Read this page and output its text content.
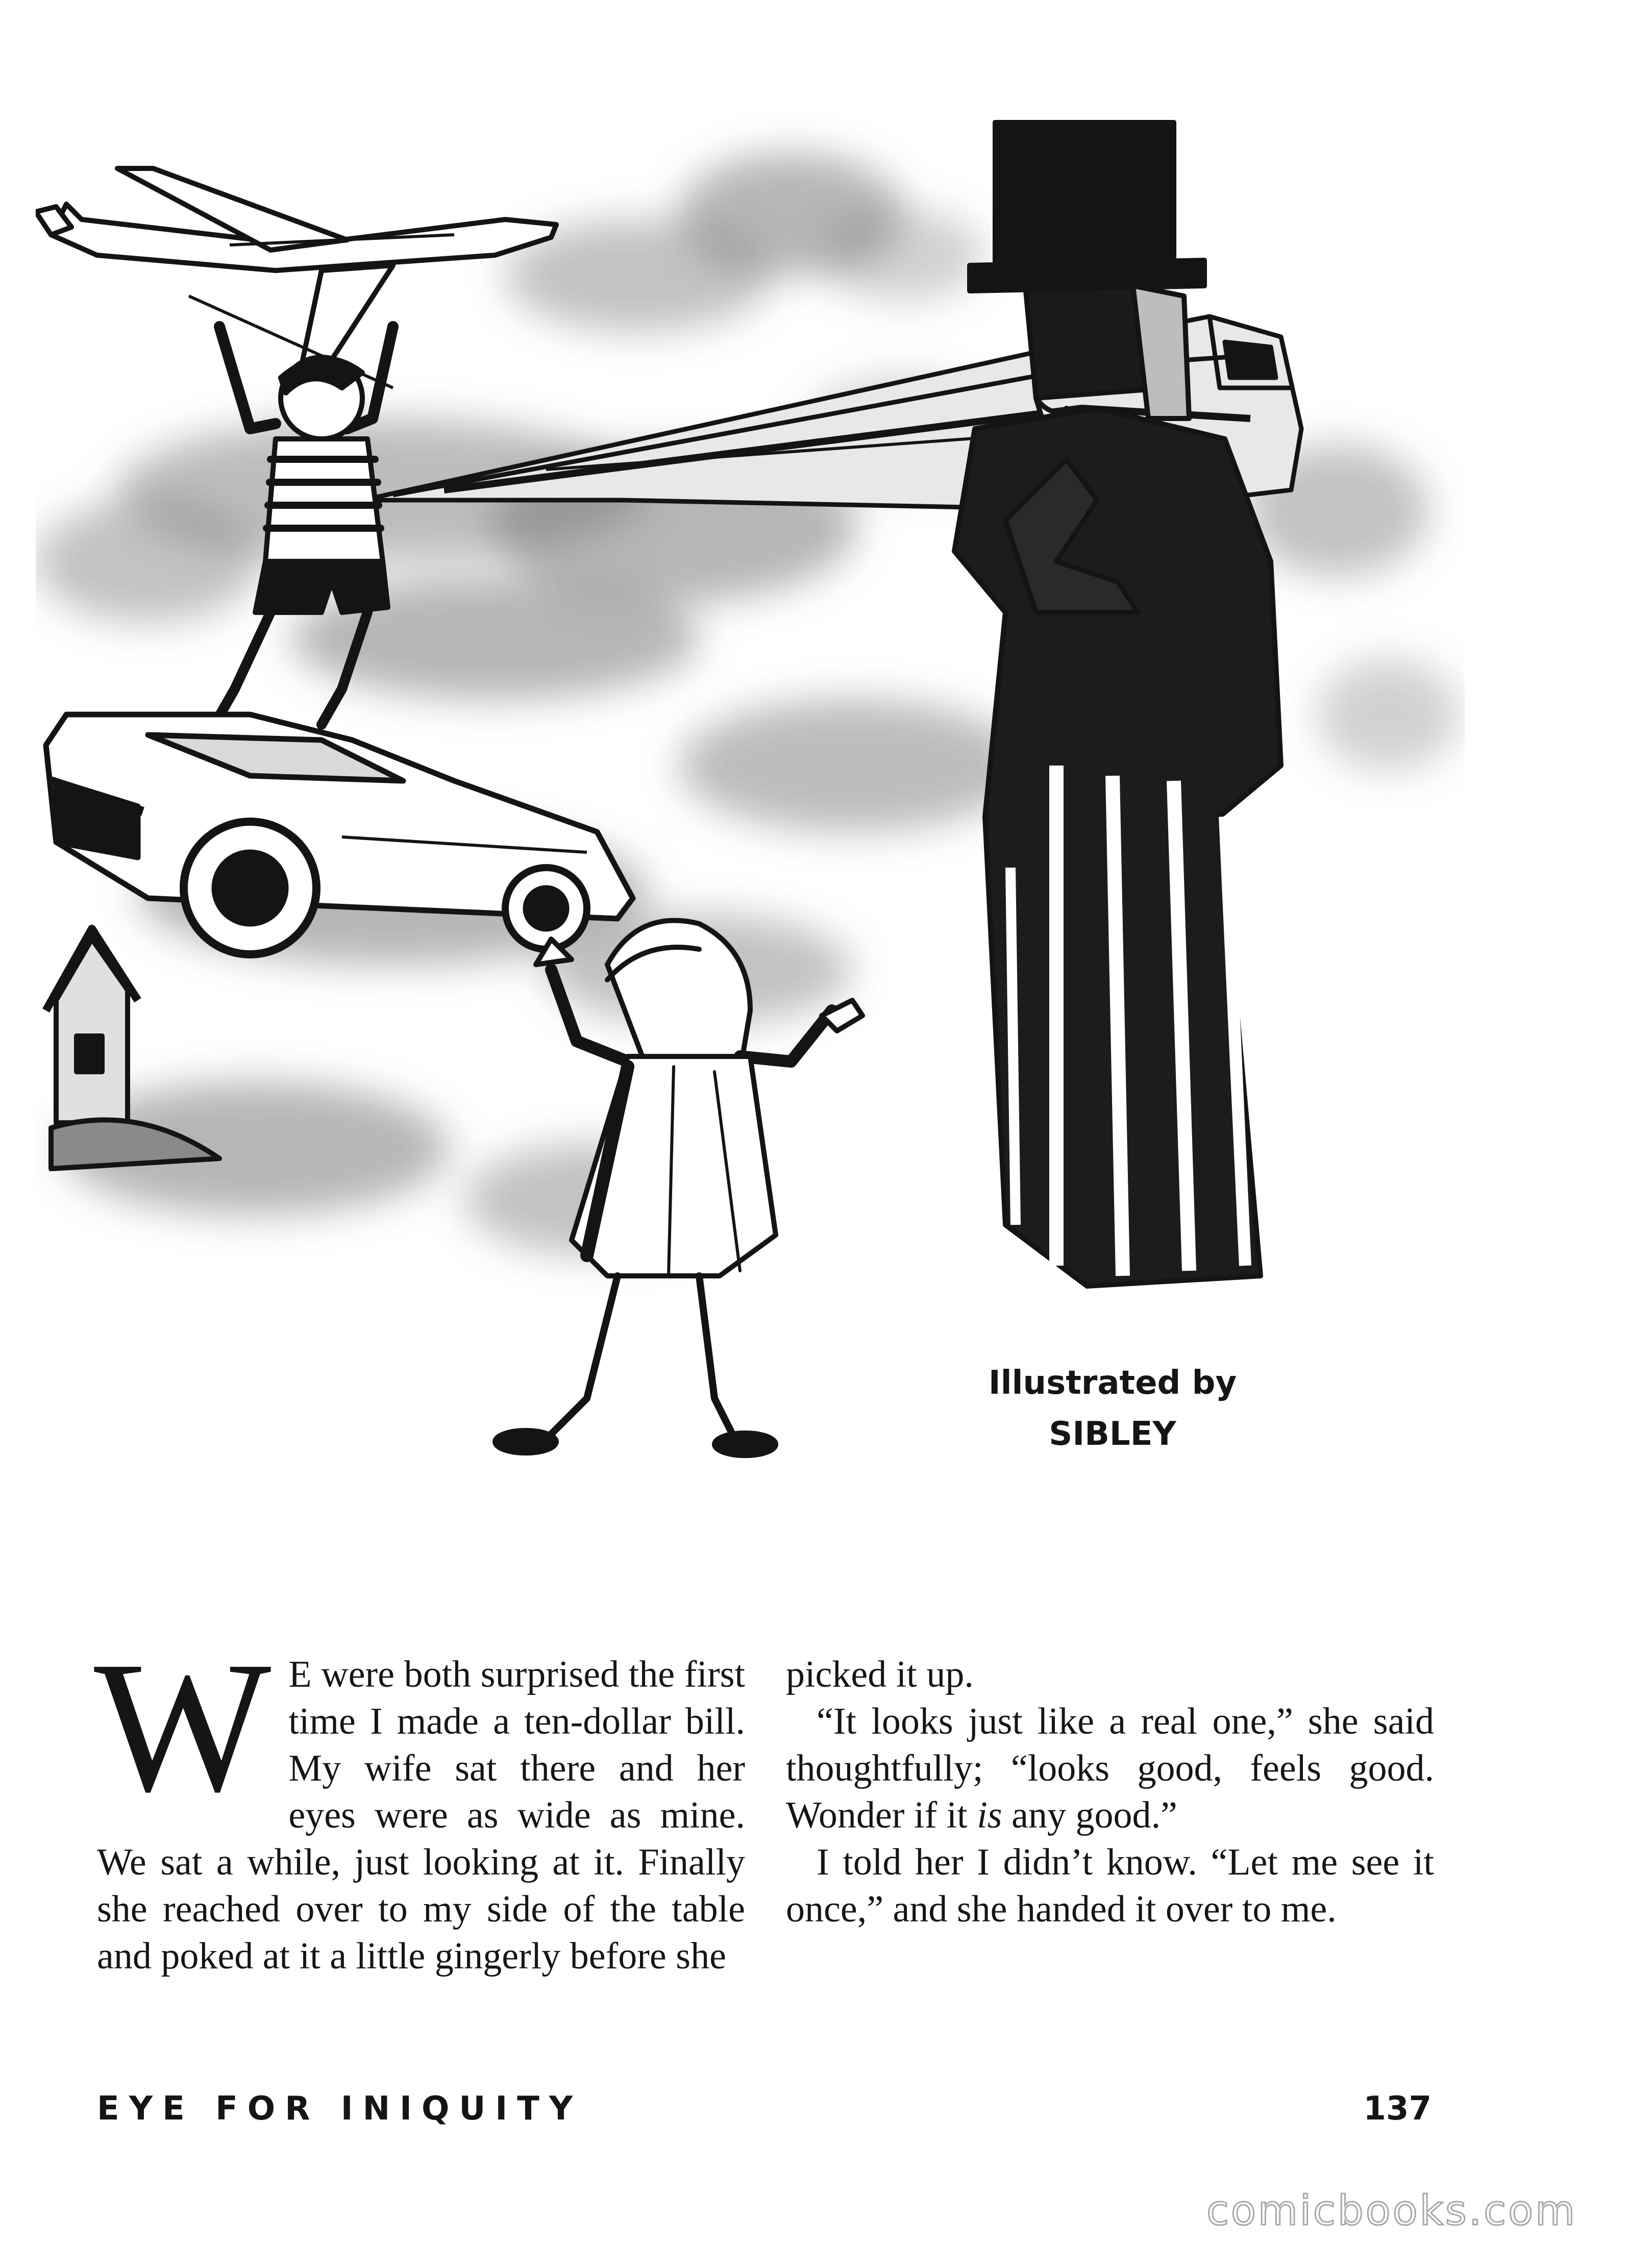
Illustrated by
SIBLEY
W E were both surprised the first time I made a ten-dollar bill. My wife sat there and her eyes were as wide as mine. We sat a while, just looking at it. Finally she reached over to my side of the table and poked at it a little gingerly before she

picked it up.

“It looks just like a real one,” she said thoughtfully; “looks good, feels good. Wonder if it is any good.”

I told her I didn’t know. “Let me see it once,” and she handed it over to me.

EYE FOR INIQUITY	137
comicbooks.com
